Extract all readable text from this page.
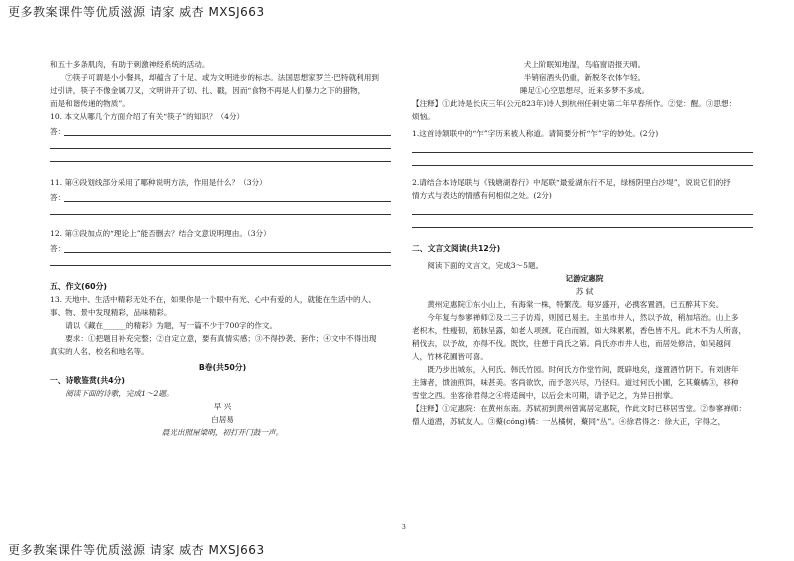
更多教案课件等优质滋源 请家 威杏 MXSJ663

和五十多条肌肉，有助于刺激神经系统的活动。

⑦筷子可谓是小小餐具，却蕴含了十足、或为文明进步的标志。法国思想家罗兰·巴特就利用到

过引讲，筷子不像金属刀叉，文明讲开了切、扎、戳，因而“食物不再是人们暴力之下的猎物，

而是和谐传递的物质”。

10. 本文从哪几个方面介绍了有关“筷子”的知识？（4分）

答：

11. 第④段划线部分采用了哪种说明方法，作用是什么？（3分）

答：

12. 第③段加点的“理论上”能否删去？结合文意说明理由。（3分）

答：

五、作文(60分)

13. 天地中、生活中精彩无处不在，如果你是一个眼中有光、心中有爱的人，就能在生活中的人、

事、物、景中发现精彩，品味精彩。

请以《藏在______的精彩》为题，写一篇不少于700字的作文。

要求：①把题目补充完整；②自定立意，要有真情实感；③不得抄袭、套作；④文中不得出现

真实的人名、校名和地名等。

B卷(共50分)

一、诗歌鉴赏(共4分)

阅读下面的诗歌，完成1～2题。

早 兴

白居易

晨光出照屋梁明，初打开门鼓一声。

犬上阶眠知地湿，鸟临窗语报天晴。

半销宿酒头仍重，新脱冬衣体乍轻。

睡足①心空思想尽，近来多梦不多成。

【注释】①此诗是长庆三年(公元823年)诗人到杭州任刺史第二年早春所作。②觉：醒。③思想：

烦恼。

1.这首诗颔联中的“乍”字历来被人称道。请简要分析“乍”字的妙处。(2分)

2.请结合本诗尾联与《钱塘湖春行》中尾联“最爱湖东行不足，绿杨阴里白沙堤”，说说它们的抒

情方式与表达的情感有何相似之处。(2分)

二、文言文阅读(共12分)

阅读下面的文言文，完成3～5题。

记游定惠院

苏 轼

黄州定惠院①东小山上，有海棠一株，特繁茂。每岁盛开，必携客置酒，已五醉其下矣。

今年复与参寥禅师②及二三子访焉，则园已易主。主虽市井人，然以予故，稍加培治。山上多

老枳木，性瘦韧，筋脉呈露，如老人项颈。花白而圆，如大珠累累，香色皆不凡。此木不为人所喜，

稍伐去，以予故，亦得不伐。既饮，往憩于尚氏之第。尚氏亦市井人也，而居处修洁，如吴越间

人，竹林花圃皆可喜。

既乃步出城东，入何氏、韩氏竹园。时何氏方作堂竹间，既辟地矣，遂置酒竹阴下。有刘唐年

主簿者，馈油煎饵，味甚美。客尚欲饮，而予忽兴尽，乃径归。道过何氏小圃，乞其藂橘③，移种

雪堂之西。坐客徐君得之④将适闽中，以后会未可期，请予记之，为异日拊掌。

【注释】①定惠院：在黄州东南。苏轼初到黄州曾寓居定惠院，作此文时已移居雪堂。②参寥禅师：

僧人道潜，苏轼友人。③藂(cóng)橘：一丛橘树，藂同“丛”。④徐君得之：徐大正，字得之，

3
更多教案课件等优质滋源 请家 威杏 MXSJ663
